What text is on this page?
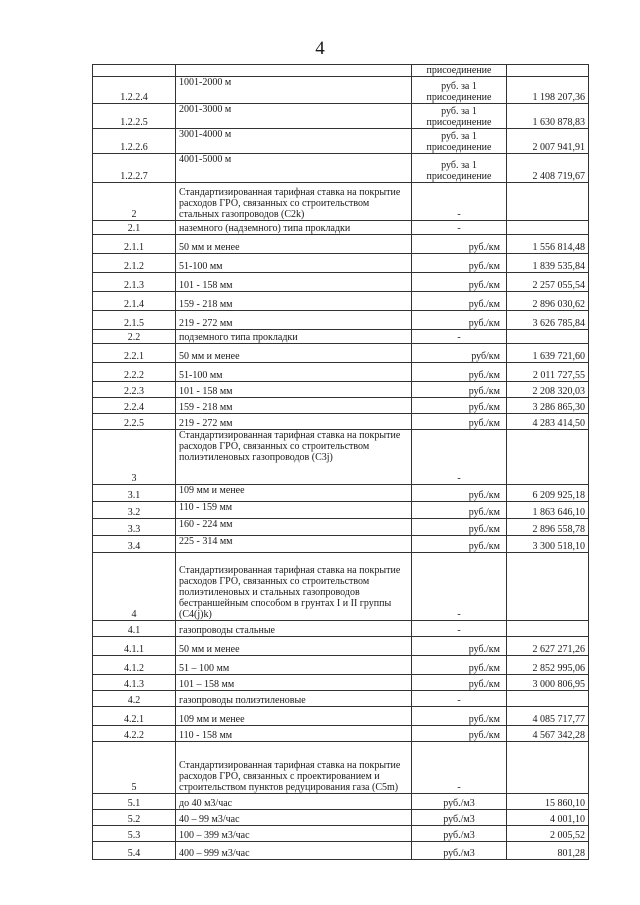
4
		присоединение	
1.2.2.4	1001-2000 м	руб. за 1 присоединение	1 198 207,36
1.2.2.5	2001-3000 м	руб. за 1 присоединение	1 630 878,83
1.2.2.6	3001-4000 м	руб. за 1 присоединение	2 007 941,91
1.2.2.7	4001-5000 м	руб. за 1 присоединение	2 408 719,67
2	Стандартизированная тарифная ставка на покрытие расходов ГРО, связанных со строительством стальных газопроводов (C2k)	-	
2.1	наземного (надземного) типа прокладки	-	
2.1.1	50 мм и менее	руб./км	1 556 814,48
2.1.2	51-100 мм	руб./км	1 839 535,84
2.1.3	101 - 158 мм	руб./км	2 257 055,54
2.1.4	159 - 218 мм	руб./км	2 896 030,62
2.1.5	219 - 272 мм	руб./км	3 626 785,84
2.2	подземного типа прокладки	-	
2.2.1	50 мм и менее	руб/км	1 639 721,60
2.2.2	51-100 мм	руб./км	2 011 727,55
2.2.3	101 - 158 мм	руб./км	2 208 320,03
2.2.4	159 - 218 мм	руб./км	3 286 865,30
2.2.5	219 - 272 мм	руб./км	4 283 414,50
3	Стандартизированная тарифная ставка на покрытие расходов ГРО, связанных со строительством полиэтиленовых газопроводов (C3j)	-	
3.1	109 мм и менее	руб./км	6 209 925,18
3.2	110 - 159 мм	руб./км	1 863 646,10
3.3	160 - 224 мм	руб./км	2 896 558,78
3.4	225 - 314 мм	руб./км	3 300 518,10
4	Стандартизированная тарифная ставка на покрытие расходов ГРО, связанных со строительством полиэтиленовых и стальных газопроводов бестраншейным способом в грунтах I и II группы (C4(j)k)	-	
4.1	газопроводы стальные	-	
4.1.1	50 мм и менее	руб./км	2 627 271,26
4.1.2	51 – 100 мм	руб./км	2 852 995,06
4.1.3	101 – 158 мм	руб./км	3 000 806,95
4.2	газопроводы полиэтиленовые	-	
4.2.1	109 мм и менее	руб./км	4 085 717,77
4.2.2	110 - 158 мм	руб./км	4 567 342,28
5	Стандартизированная тарифная ставка на покрытие расходов ГРО, связанных с проектированием и строительством пунктов редуцирования газа (C5m)	-	
5.1	до 40 м3/час	руб./м3	15 860,10
5.2	40 – 99 м3/час	руб./м3	4 001,10
5.3	100 – 399 м3/час	руб./м3	2 005,52
5.4	400 – 999 м3/час	руб./м3	801,28
